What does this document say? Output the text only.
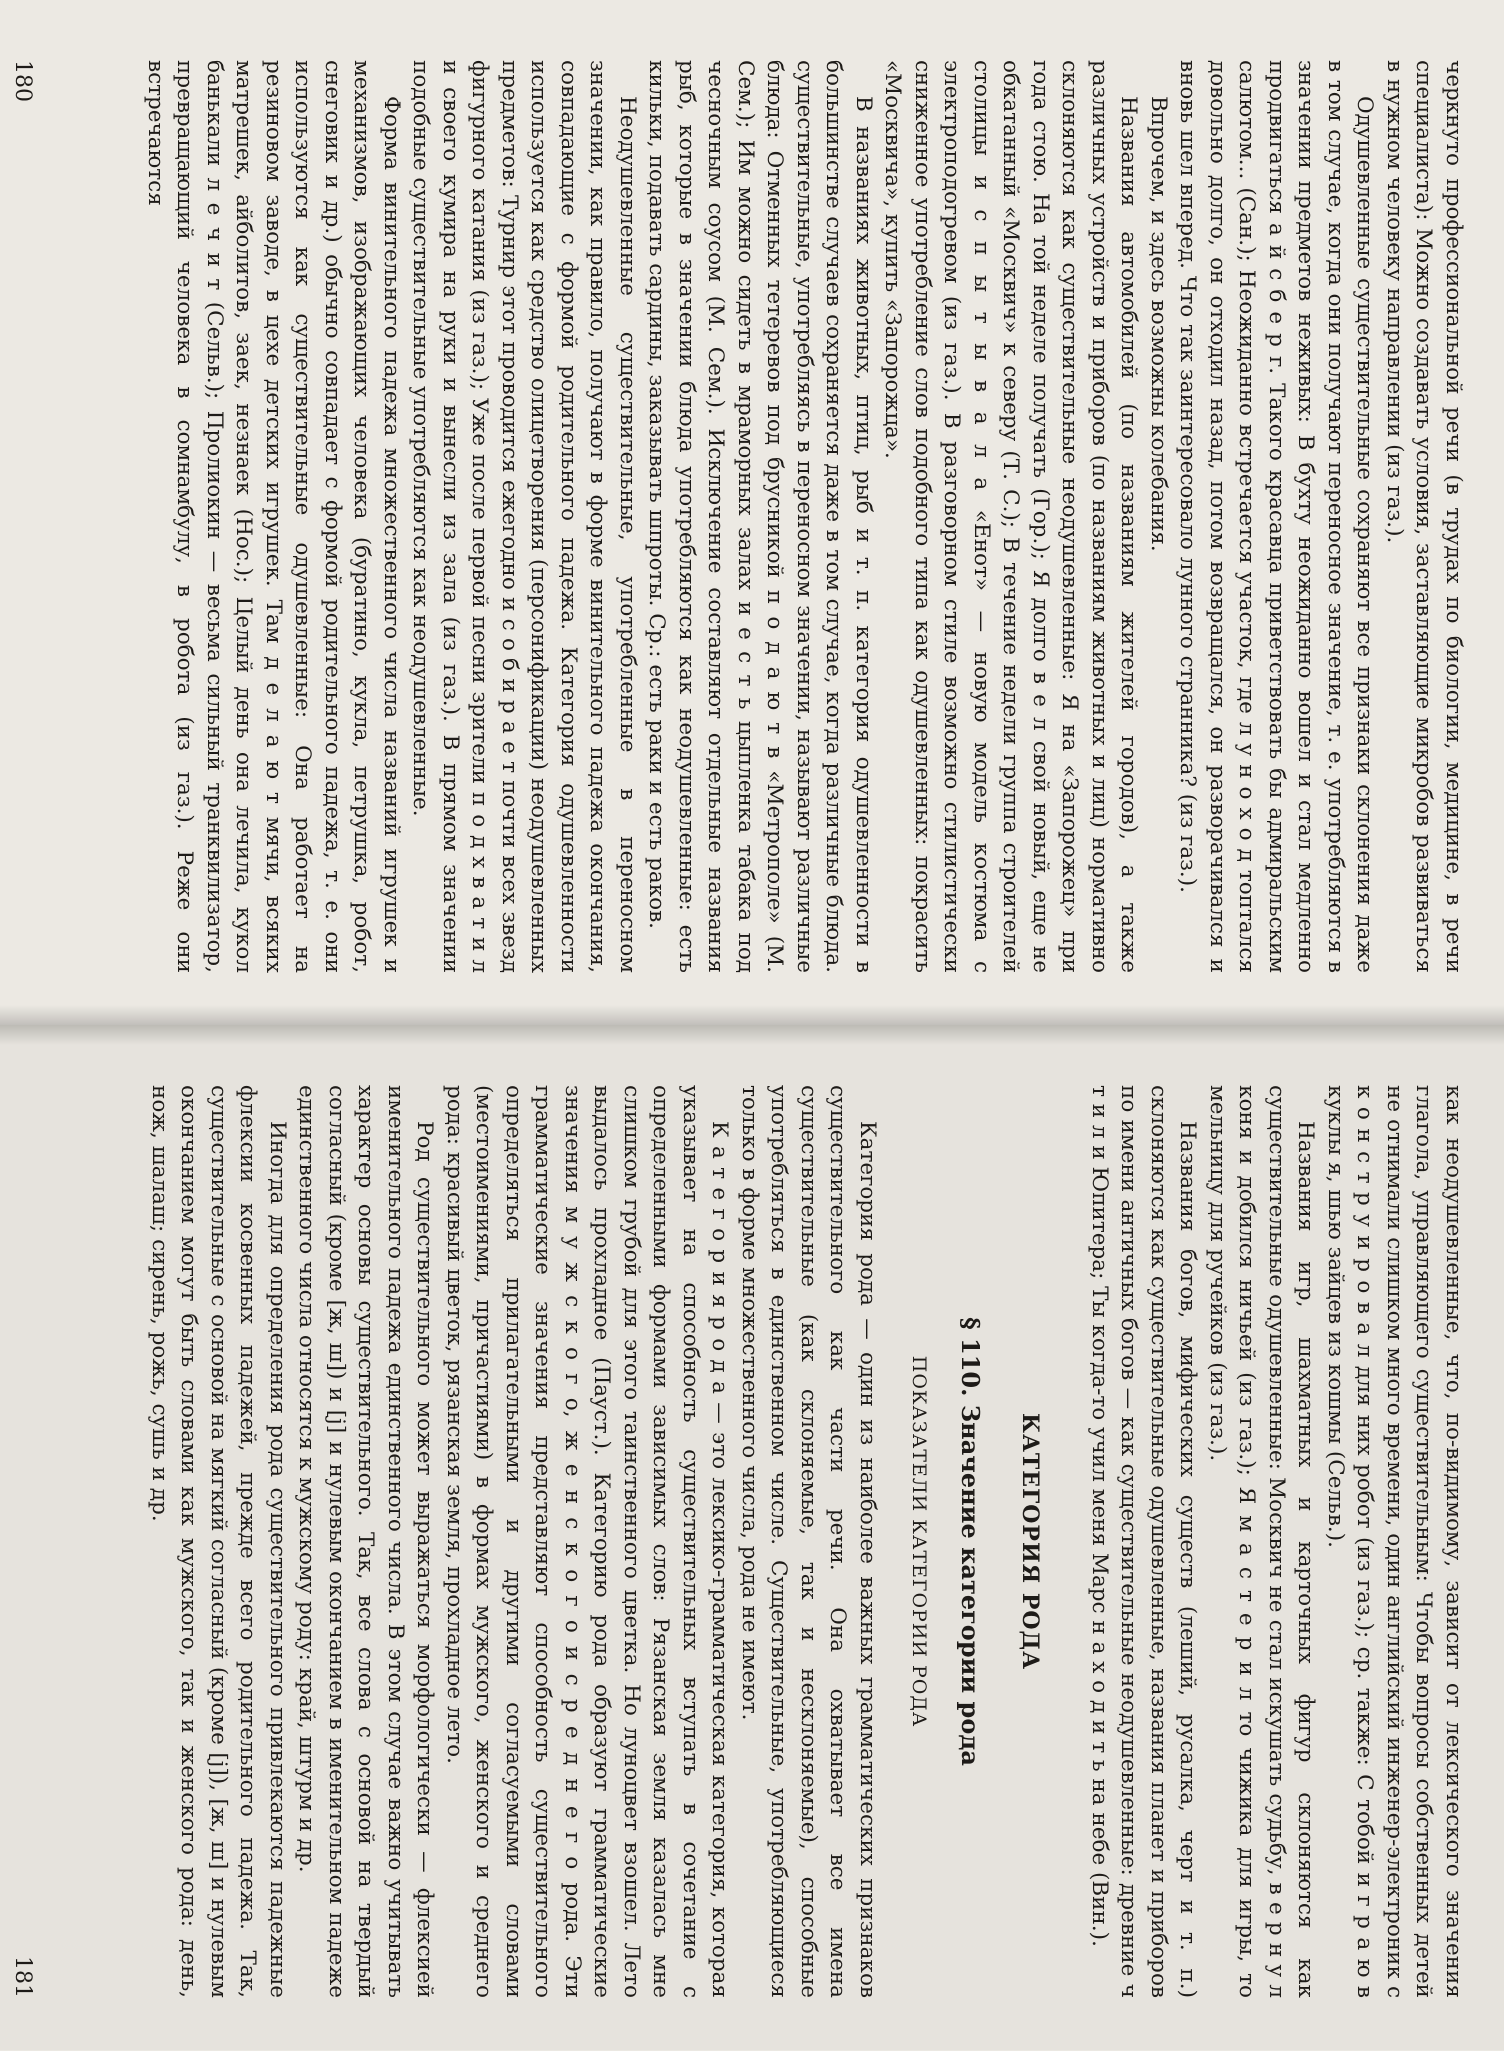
черкнуто профессиональной речи (в трудах по биологии, медицине, в речи специалиста): Можно создавать условия, заставляющие микробов развиваться в нужном человеку направлении (из газ.).

Одушевленные существительные сохраняют все признаки склонения даже в том случае, когда они получают переносное значение, т. е. употребляются в значении предметов неживых: В бухту неожиданно вошел и стал медленно продвигаться а й с б е р г. Такого красавца приветствовать бы адмиральским салютом... (Сан.); Неожиданно встречается участок, где л у н о х о д топтался довольно долго, он отходил назад, потом возвращался, он разворачивался и вновь шел вперед. Что так заинтересовало лунного странника? (из газ.).

Впрочем, и здесь возможны колебания.

Названия автомобилей (по названиям жителей городов), а также различных устройств и приборов (по названиям животных и лиц) нормативно склоняются как существительные неодушевленные: Я на «Запорожец» при года стою. На той неделе получать (Гор.); Я долго в е л свой новый, еще не обкатанный «Москвич» к северу (Т. С.); В течение недели группа строителей столицы и с п ы т ы в а л а «Енот» — новую модель костюма с электроподогревом (из газ.). В разговорном стиле возможно стилистически сниженное употребление слов подобного типа как одушевленных: покрасить «Москвичa», купить «Запорожца».

В названиях животных, птиц, рыб и т. п. категория одушевленности в большинстве случаев сохраняется даже в том случае, когда различные блюда. существительные, употребляясь в переносном значении, называют различные блюда: Отменных тетеревов под брусникой п о д а ю т в «Метрополе» (М. Сем.); Им можно сидеть в мраморных залах и е с т ь цыпленка табака под чесночным соусом (М. Сем.). Исключение составляют отдельные названия рыб, которые в значении блюда употребляются как неодушевленные: есть кильки, подавать сардины, заказывать шпроты. Ср.: есть раки и есть раков.

Неодушевленные существительные, употребленные в переносном значении, как правило, получают в форме винительного падежа окончания, совпадающие с формой родительного падежа. Категория одушевленности используется как средство олицетворения (персонификации) неодушевленных предметов: Турнир этот проводится ежегодно и с о б и р а е т почти всех звезд фигурного катания (из газ.); Уже после первой песни зрители п о д х в а т и л и своего кумира на руки и вынесли из зала (из газ.). В прямом значении подобные существительные употребляются как неодушевленные.

Форма винительного падежа множественного числа названий игрушек и механизмов, изображающих человека (буратино, кукла, петрушка, робот, снеговик и др.) обычно совпадает с формой родительного падежа, т. е. они используются как существительные одушевленные: Она работает на резиновом заводе, в цехе детских игрушек. Там д е л а ю т мячи, всяких матрешек, айболитов, заек, незнаек (Нос.); Целый день она лечила, кукол банькали л е ч и т (Сельв.); Пролиокин — весьма сильный транквилизатор, превращающий человека в сомнамбулу, в робота (из газ.). Реже они встречаются

180

как неодушевленные, что, по-видимому, зависит от лексического значения глагола, управляющего существительным: Чтобы вопросы собственных детей не отнимали слишком много времени, один английский инженер-электроник с к о н с т р у и р о в а л для них робот (из газ.); ср. также: С тобой и г р а ю в куклы я, шью зайцев из кошмы (Сельв.).

Названия игр, шахматных и карточных фигур склоняются как существительные одушевленные: Москвич не стал искушать судьбу, в е р н у л коня и добился ничьей (из газ.); Я м а с т е р и л то чижика для игры, то мельницу для ручейков (из газ.).

Названия богов, мифических существ (леший, русалка, черт и т. п.) склоняются как существительные одушевленные, названия планет и приборов по имени античных богов — как существительные неодушевленные: древние ч т и л и Юпитера; Ты когда-то учил меня Марс н а х о д и т ь на небе (Вин.).

КАТЕГОРИЯ РОДА
§ 110. Значение категории рода
ПОКАЗАТЕЛИ КАТЕГОРИИ РОДА

Категория рода — один из наиболее важных грамматических признаков существительного как части речи. Она охватывает все имена существительные (как склоняемые, так и несклоняемые), способные употребляться в единственном числе. Существительные, употребляющиеся только в форме множественного числа, рода не имеют.

К а т е г о р и я р о д а — это лексико-грамматическая категория, которая указывает на способность существительных вступать в сочетание с определенными формами зависимых слов: Рязанская земля казалась мне слишком грубой для этого таинственного цветка. Но луноцвет взошел. Лето выдалось прохладное (Пауст.). Категорию рода образуют грамматические значения м у ж с к о г о, ж е н с к о г о и с р е д н е г о рода. Эти грамматические значения представляют способность существительного определяться прилагательными и другими согласуемыми словами (местоимениями, причастиями) в формах мужского, женского и среднего рода: красивый цветок, рязанская земля, прохладное лето.

Род существительного может выражаться морфологически — флексией именительного падежа единственного числа. В этом случае важно учитывать характер основы существительного. Так, все слова с основой на твердый согласный (кроме [ж, ш]) и [j] и нулевым окончанием в именительном падеже единственного числа относятся к мужскому роду: край, штурм и др.

Иногда для определения рода существительного привлекаются падежные флексии косвенных падежей, прежде всего родительного падежа. Так, существительные с основой на мягкий согласный (кроме [j]), [ж, ш] и нулевым окончанием могут быть словами как мужского, так и женского рода: день, нож, шалаш; сирень, рожь, сушь и др.

181
